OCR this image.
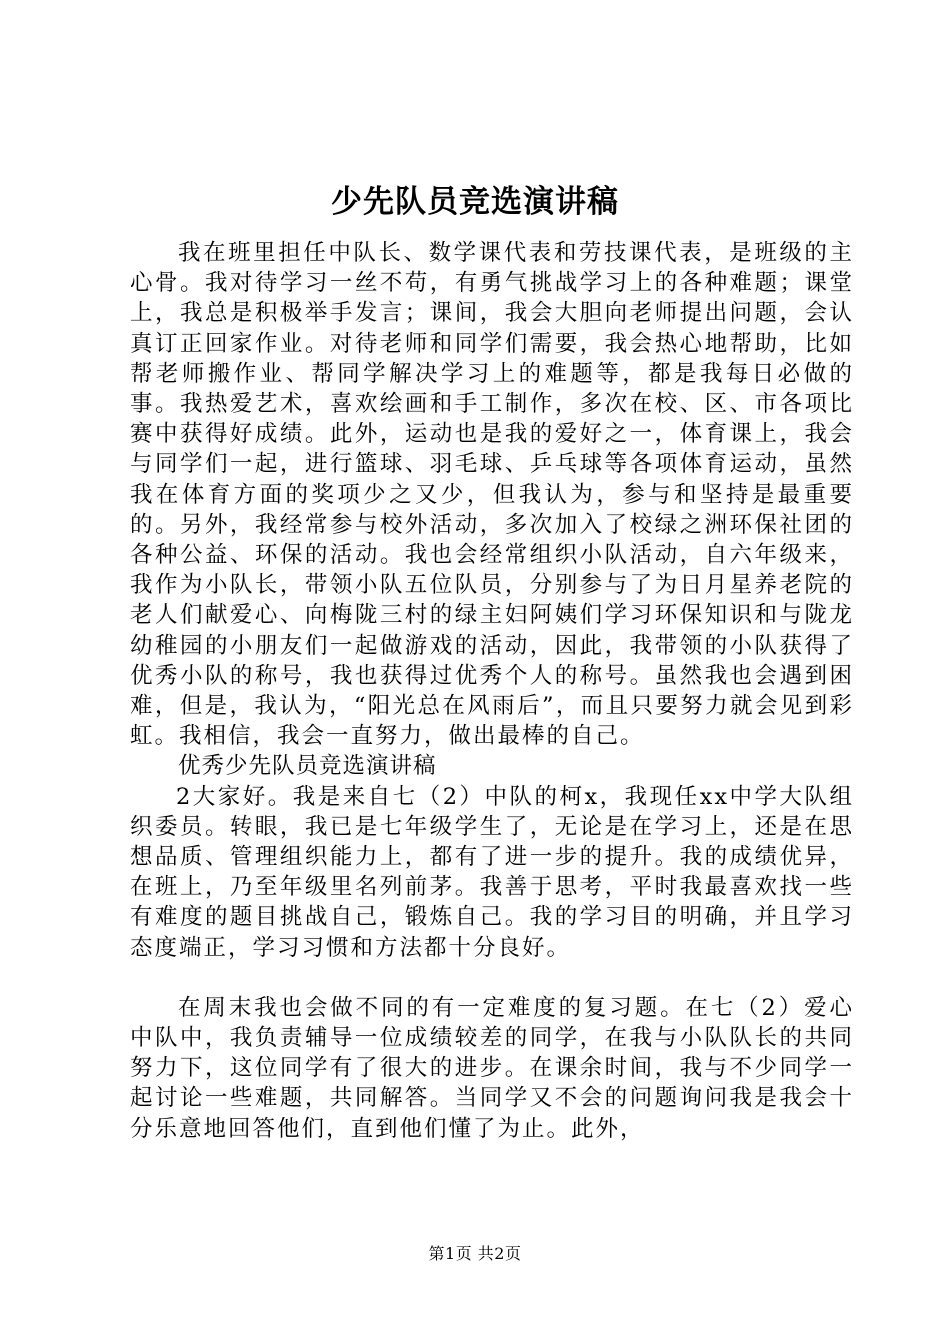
少先队员竞选演讲稿

我在班里担任中队长、数学课代表和劳技课代表，是班级的主心骨。我对待学习一丝不苟，有勇气挑战学习上的各种难题；课堂上，我总是积极举手发言；课间，我会大胆向老师提出问题，会认真订正回家作业。对待老师和同学们需要，我会热心地帮助，比如帮老师搬作业、帮同学解决学习上的难题等，都是我每日必做的事。我热爱艺术，喜欢绘画和手工制作，多次在校、区、市各项比赛中获得好成绩。此外，运动也是我的爱好之一，体育课上，我会与同学们一起，进行篮球、羽毛球、乒乓球等各项体育运动，虽然我在体育方面的奖项少之又少，但我认为，参与和坚持是最重要的。另外，我经常参与校外活动，多次加入了校绿之洲环保社团的各种公益、环保的活动。我也会经常组织小队活动，自六年级来，我作为小队长，带领小队五位队员，分别参与了为日月星养老院的老人们献爱心、向梅陇三村的绿主妇阿姨们学习环保知识和与陇龙幼稚园的小朋友们一起做游戏的活动，因此，我带领的小队获得了优秀小队的称号，我也获得过优秀个人的称号。虽然我也会遇到困难，但是，我认为，“阳光总在风雨后”，而且只要努力就会见到彩虹。我相信，我会一直努力，做出最棒的自己。

优秀少先队员竞选演讲稿

2大家好。我是来自七（2）中队的柯x，我现任xx中学大队组织委员。转眼，我已是七年级学生了，无论是在学习上，还是在思想品质、管理组织能力上，都有了进一步的提升。我的成绩优异，在班上，乃至年级里名列前茅。我善于思考，平时我最喜欢找一些有难度的题目挑战自己，锻炼自己。我的学习目的明确，并且学习态度端正，学习习惯和方法都十分良好。

在周末我也会做不同的有一定难度的复习题。在七（2）爱心中队中，我负责辅导一位成绩较差的同学，在我与小队队长的共同努力下，这位同学有了很大的进步。在课余时间，我与不少同学一起讨论一些难题，共同解答。当同学又不会的问题询问我是我会十分乐意地回答他们，直到他们懂了为止。此外，

第1页 共2页
